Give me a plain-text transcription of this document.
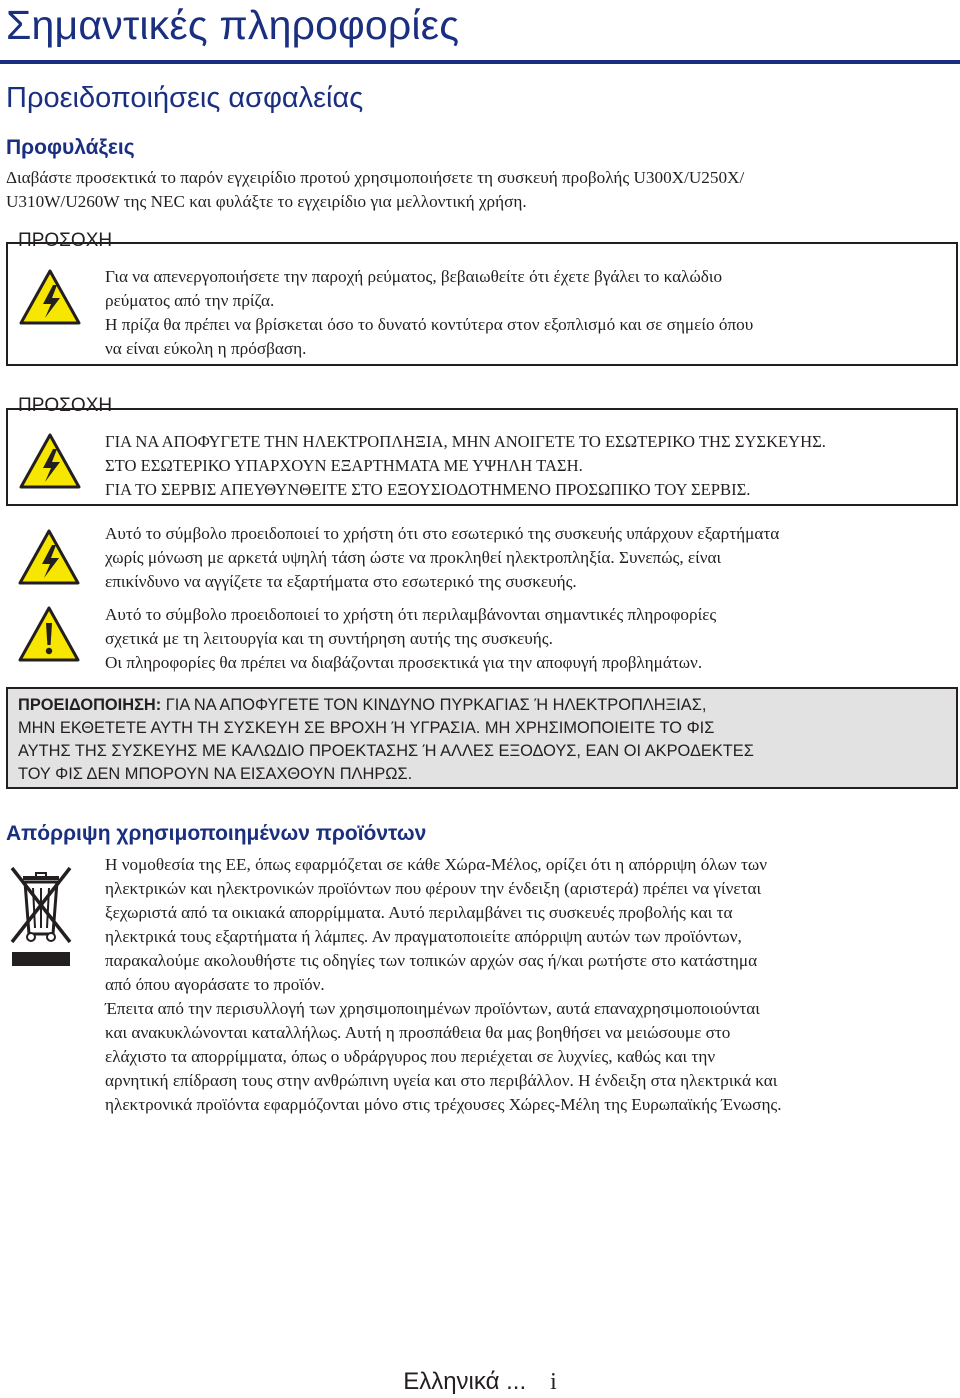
Σημαντικές πληροφορίες
Προειδοποιήσεις ασφαλείας
Προφυλάξεις

Διαβάστε προσεκτικά το παρόν εγχειρίδιο προτού χρησιμοποιήσετε τη συσκευή προβολής U300X/U250X/
U310W/U260W της NEC και φυλάξτε το εγχειρίδιο για μελλοντική χρήση.

ΠΡΟΣΟΧΗ

Για να απενεργοποιήσετε την παροχή ρεύματος, βεβαιωθείτε ότι έχετε βγάλει το καλώδιο
ρεύματος από την πρίζα.
Η πρίζα θα πρέπει να βρίσκεται όσο το δυνατό κοντύτερα στον εξοπλισμό και σε σημείο όπου
να είναι εύκολη η πρόσβαση.

ΠΡΟΣΟΧΗ

ΓΙΑ ΝΑ ΑΠΟΦΥΓΕΤΕ ΤΗΝ ΗΛΕΚΤΡΟΠΛΗΞΙΑ, ΜΗΝ ΑΝΟΙΓΕΤΕ ΤΟ ΕΣΩΤΕΡΙΚΟ ΤΗΣ ΣΥΣΚΕΥΗΣ.
ΣΤΟ ΕΣΩΤΕΡΙΚΟ ΥΠΑΡΧΟΥΝ ΕΞΑΡΤΗΜΑΤΑ ΜΕ ΥΨΗΛΗ ΤΑΣΗ.
ΓΙΑ ΤΟ ΣΕΡΒΙΣ ΑΠΕΥΘΥΝΘΕΙΤΕ ΣΤΟ ΕΞΟΥΣΙΟΔΟΤΗΜΕΝΟ ΠΡΟΣΩΠΙΚΟ ΤΟΥ ΣΕΡΒΙΣ.

Αυτό το σύμβολο προειδοποιεί το χρήστη ότι στο εσωτερικό της συσκευής υπάρχουν εξαρτήματα
χωρίς μόνωση με αρκετά υψηλή τάση ώστε να προκληθεί ηλεκτροπληξία. Συνεπώς, είναι
επικίνδυνο να αγγίζετε τα εξαρτήματα στο εσωτερικό της συσκευής.

Αυτό το σύμβολο προειδοποιεί το χρήστη ότι περιλαμβάνονται σημαντικές πληροφορίες
σχετικά με τη λειτουργία και τη συντήρηση αυτής της συσκευής.
Οι πληροφορίες θα πρέπει να διαβάζονται προσεκτικά για την αποφυγή προβλημάτων.

ΠΡΟΕΙΔΟΠΟΙΗΣΗ: ΓΙΑ ΝΑ ΑΠΟΦΥΓΕΤΕ ΤΟΝ ΚΙΝΔΥΝΟ ΠΥΡΚΑΓΙΑΣ Ή ΗΛΕΚΤΡΟΠΛΗΞΙΑΣ,
ΜΗΝ ΕΚΘΕΤΕΤΕ ΑΥΤΗ ΤΗ ΣΥΣΚΕΥΗ ΣΕ ΒΡΟΧΗ Ή ΥΓΡΑΣΙΑ. ΜΗ ΧΡΗΣΙΜΟΠΟΙΕΙΤΕ ΤΟ ΦΙΣ
ΑΥΤΗΣ ΤΗΣ ΣΥΣΚΕΥΗΣ ΜΕ ΚΑΛΩΔΙΟ ΠΡΟΕΚΤΑΣΗΣ Ή ΑΛΛΕΣ ΕΞΟΔΟΥΣ, ΕΑΝ ΟΙ ΑΚΡΟΔΕΚΤΕΣ
ΤΟΥ ΦΙΣ ΔΕΝ ΜΠΟΡΟΥΝ ΝΑ ΕΙΣΑΧΘΟΥΝ ΠΛΗΡΩΣ.
Απόρριψη χρησιμοποιημένων προϊόντων

Η νομοθεσία της ΕΕ, όπως εφαρμόζεται σε κάθε Χώρα-Μέλος, ορίζει ότι η απόρριψη όλων των
ηλεκτρικών και ηλεκτρονικών προϊόντων που φέρουν την ένδειξη (αριστερά) πρέπει να γίνεται
ξεχωριστά από τα οικιακά απορρίμματα. Αυτό περιλαμβάνει τις συσκευές προβολής και τα
ηλεκτρικά τους εξαρτήματα ή λάμπες. Αν πραγματοποιείτε απόρριψη αυτών των προϊόντων,
παρακαλούμε ακολουθήστε τις οδηγίες των τοπικών αρχών σας ή/και ρωτήστε στο κατάστημα
από όπου αγοράσατε το προϊόν.
Έπειτα από την περισυλλογή των χρησιμοποιημένων προϊόντων, αυτά επαναχρησιμοποιούνται
και ανακυκλώνονται καταλλήλως. Αυτή η προσπάθεια θα μας βοηθήσει να μειώσουμε στο
ελάχιστο τα απορρίμματα, όπως ο υδράργυρος που περιέχεται σε λυχνίες, καθώς και την
αρνητική επίδραση τους στην ανθρώπινη υγεία και στο περιβάλλον. Η ένδειξη στα ηλεκτρικά και
ηλεκτρονικά προϊόντα εφαρμόζονται μόνο στις τρέχουσες Χώρες-Μέλη της Ευρωπαϊκής Ένωσης.

Ελληνικά ... i
